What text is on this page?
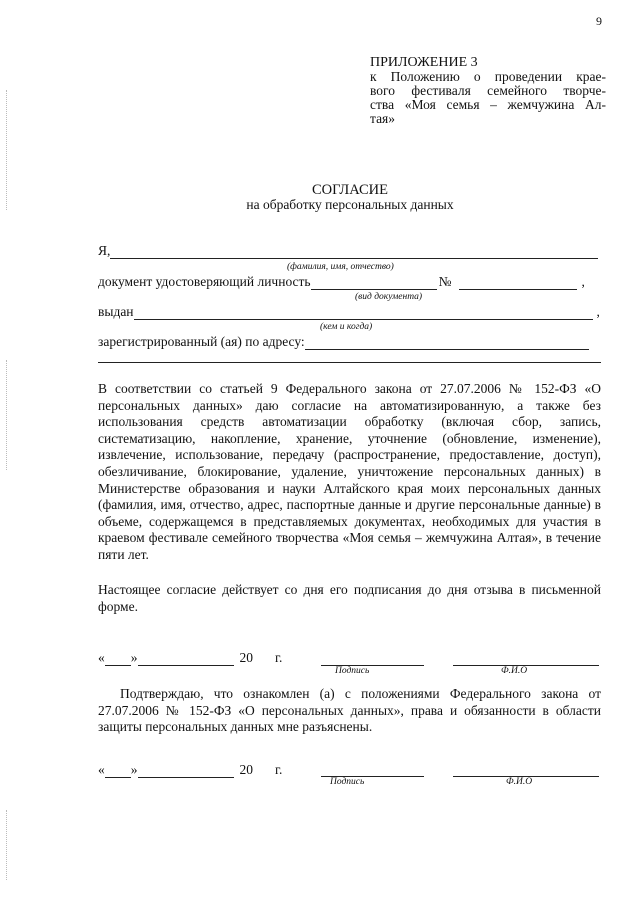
9
ПРИЛОЖЕНИЕ 3
к Положению о проведении крае-
вого фестиваля семейного творче-
ства «Моя семья – жемчужина Ал-
тая»
СОГЛАСИЕ
на обработку персональных данных
Я,
(фамилия, имя, отчество)
документ удостоверяющий личность	№	,
(вид документа)
выдан	,
(кем и когда)
зарегистрированный (ая) по адресу:
В соответствии со статьей 9 Федерального закона от 27.07.2006 № 152-ФЗ «О персональных данных» даю согласие на автоматизированную, а также без использования средств автоматизации обработку (включая сбор, запись, систематизацию, накопление, хранение, уточнение (обновление, изменение), извлечение, использование, передачу (распространение, предоставление, доступ), обезличивание, блокирование, удаление, уничтожение персональных данных) в Министерстве образования и науки Алтайского края моих персональных данных (фамилия, имя, отчество, адрес, паспортные данные и другие персональные данные) в объеме, содержащемся в представляемых документах, необходимых для участия в краевом фестивале семейного творчества «Моя семья – жемчужина Алтая», в течение пяти лет.
Настоящее согласие действует со дня его подписания до дня отзыва в письменной форме.
« »	20 г.
Подпись	Ф.И.О
Подтверждаю, что ознакомлен (а) с положениями Федерального закона от 27.07.2006 № 152-ФЗ «О персональных данных», права и обязанности в области защиты персональных данных мне разъяснены.
« »	20 г.
Подпись	Ф.И.О
